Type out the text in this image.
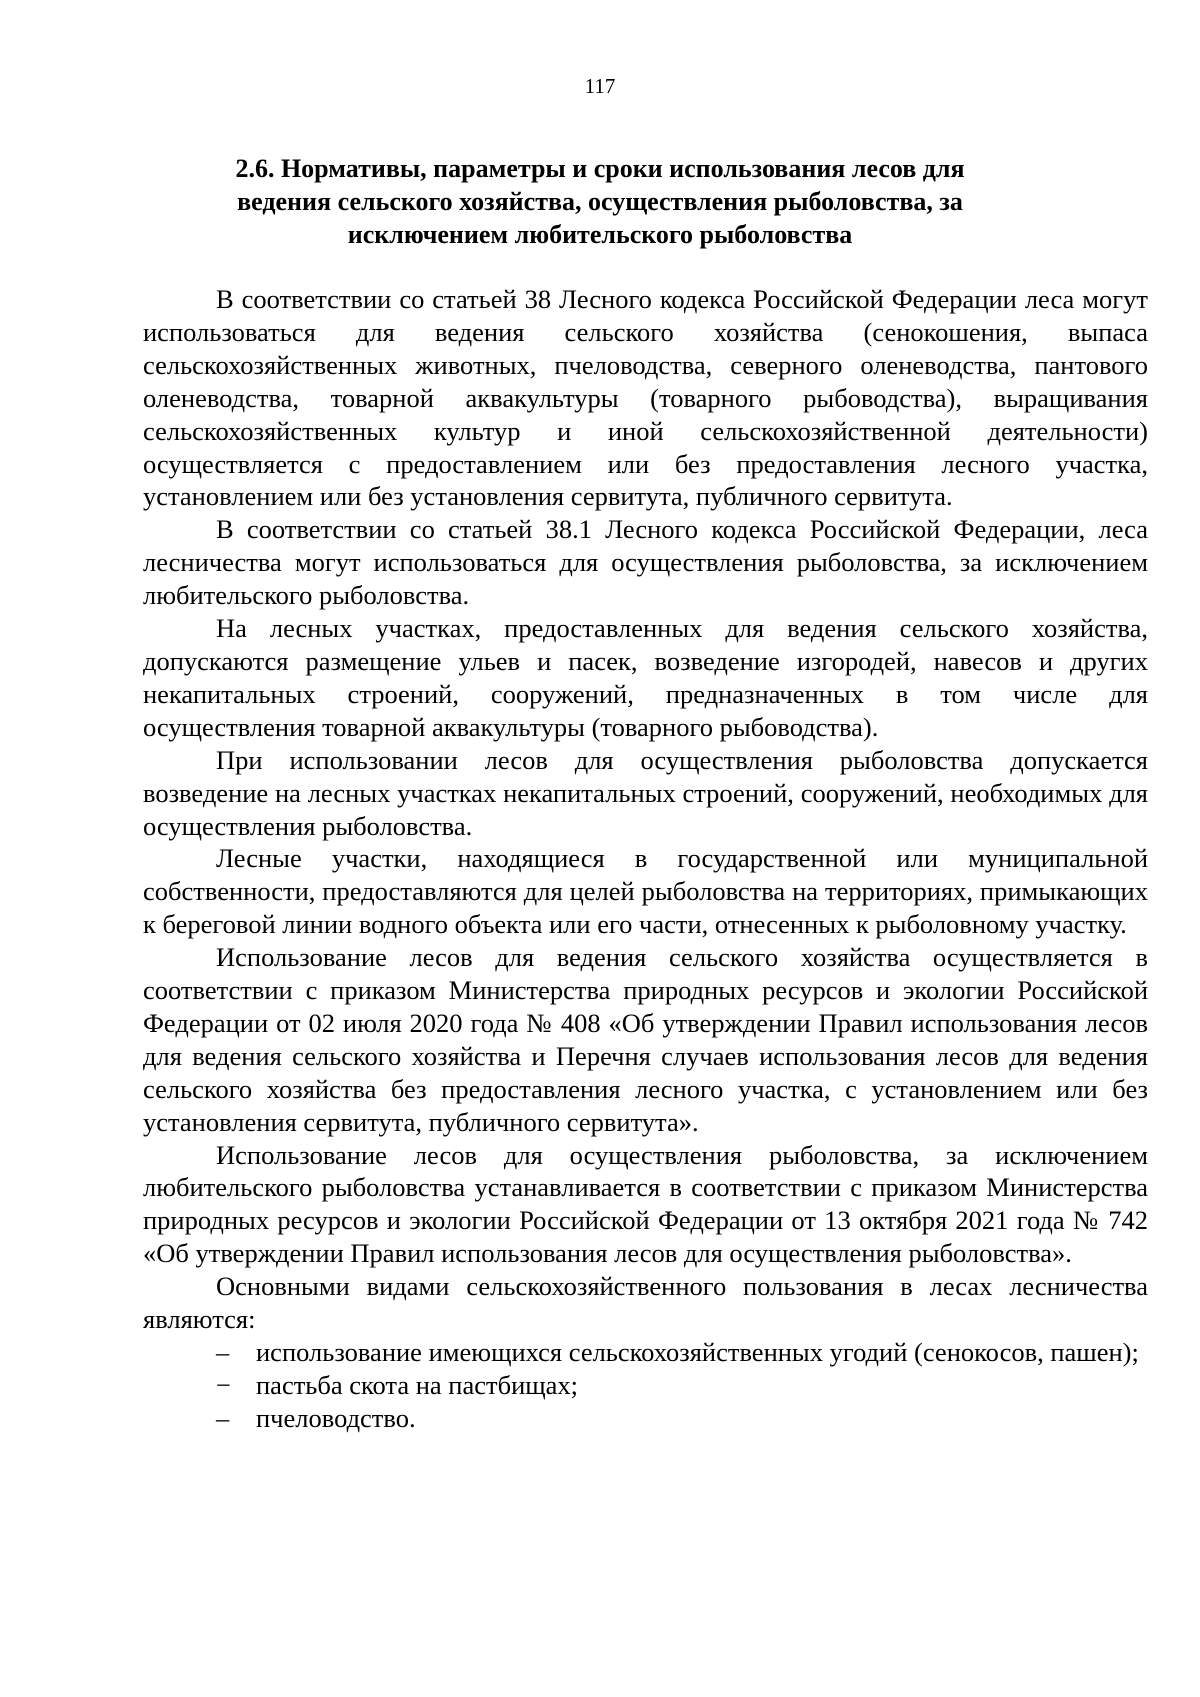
117
2.6. Нормативы, параметры и сроки использования лесов для ведения сельского хозяйства, осуществления рыболовства, за исключением любительского рыболовства

В соответствии со статьей 38 Лесного кодекса Российской Федерации леса могут использоваться для ведения сельского хозяйства (сенокошения, выпаса сельскохозяйственных животных, пчеловодства, северного оленеводства, пантового оленеводства, товарной аквакультуры (товарного рыбоводства), выращивания сельскохозяйственных культур и иной сельскохозяйственной деятельности) осуществляется с предоставлением или без предоставления лесного участка, установлением или без установления сервитута, публичного сервитута.

В соответствии со статьей 38.1 Лесного кодекса Российской Федерации, леса лесничества могут использоваться для осуществления рыболовства, за исключением любительского рыболовства.

На лесных участках, предоставленных для ведения сельского хозяйства, допускаются размещение ульев и пасек, возведение изгородей, навесов и других некапитальных строений, сооружений, предназначенных в том числе для осуществления товарной аквакультуры (товарного рыбоводства).

При использовании лесов для осуществления рыболовства допускается возведение на лесных участках некапитальных строений, сооружений, необходимых для осуществления рыболовства.

Лесные участки, находящиеся в государственной или муниципальной собственности, предоставляются для целей рыболовства на территориях, примыкающих к береговой линии водного объекта или его части, отнесенных к рыболовному участку.

Использование лесов для ведения сельского хозяйства осуществляется в соответствии с приказом Министерства природных ресурсов и экологии Российской Федерации от 02 июля 2020 года № 408 «Об утверждении Правил использования лесов для ведения сельского хозяйства и Перечня случаев использования лесов для ведения сельского хозяйства без предоставления лесного участка, с установлением или без установления сервитута, публичного сервитута».

Использование лесов для осуществления рыболовства, за исключением любительского рыболовства устанавливается в соответствии с приказом Министерства природных ресурсов и экологии Российской Федерации от 13 октября 2021 года № 742 «Об утверждении Правил использования лесов для осуществления рыболовства».

Основными видами сельскохозяйственного пользования в лесах лесничества являются:

– использование имеющихся сельскохозяйственных угодий (сенокосов, пашен);
− пастьба скота на пастбищах;
– пчеловодство.
